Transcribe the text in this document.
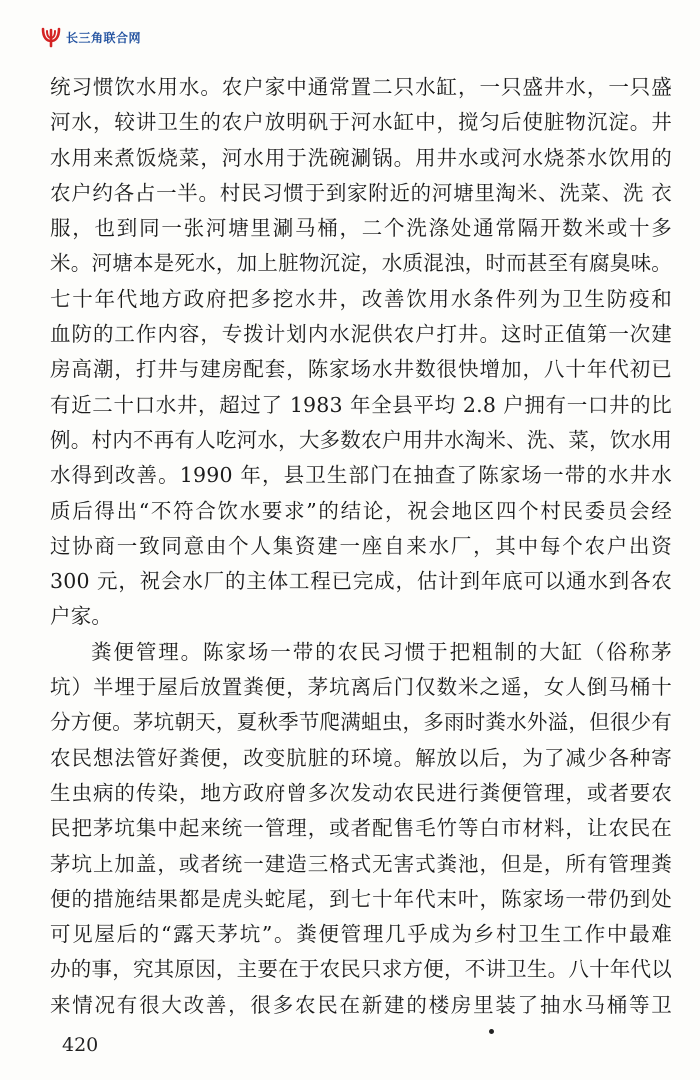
长三角联合网
统习惯饮水用水。农户家中通常置二只水缸，一只盛井水，一只盛
河水，较讲卫生的农户放明矾于河水缸中，搅匀后使脏物沉淀。井
水用来煮饭烧菜，河水用于洗碗涮锅。用井水或河水烧茶水饮用的
农户约各占一半。村民习惯于到家附近的河塘里淘米、洗菜、洗 衣
服，也到同一张河塘里涮马桶，二个洗涤处通常隔开数米或十多
米。河塘本是死水，加上脏物沉淀，水质混浊，时而甚至有腐臭味。
七十年代地方政府把多挖水井，改善饮用水条件列为卫生防疫和
血防的工作内容，专拨计划内水泥供农户打井。这时正值第一次建
房高潮，打井与建房配套，陈家场水井数很快增加，八十年代初已
有近二十口水井，超过了 1983 年全县平均 2.8 户拥有一口井的比
例。村内不再有人吃河水，大多数农户用井水淘米、洗、菜，饮水用
水得到改善。1990 年，县卫生部门在抽查了陈家场一带的水井水
质后得出“不符合饮水要求”的结论，祝会地区四个村民委员会经
过协商一致同意由个人集资建一座自来水厂，其中每个农户出资
300 元，祝会水厂的主体工程已完成，估计到年底可以通水到各农
户家。
粪便管理。陈家场一带的农民习惯于把粗制的大缸（俗称茅
坑）半埋于屋后放置粪便，茅坑离后门仅数米之遥，女人倒马桶十
分方便。茅坑朝天，夏秋季节爬满蛆虫，多雨时粪水外溢，但很少有
农民想法管好粪便，改变肮脏的环境。解放以后，为了减少各种寄
生虫病的传染，地方政府曾多次发动农民进行粪便管理，或者要农
民把茅坑集中起来统一管理，或者配售毛竹等白市材料，让农民在
茅坑上加盖，或者统一建造三格式无害式粪池，但是，所有管理粪
便的措施结果都是虎头蛇尾，到七十年代末叶，陈家场一带仍到处
可见屋后的“露天茅坑”。粪便管理几乎成为乡村卫生工作中最难
办的事，究其原因，主要在于农民只求方便，不讲卫生。八十年代以
来情况有很大改善，很多农民在新建的楼房里装了抽水马桶等卫
420
